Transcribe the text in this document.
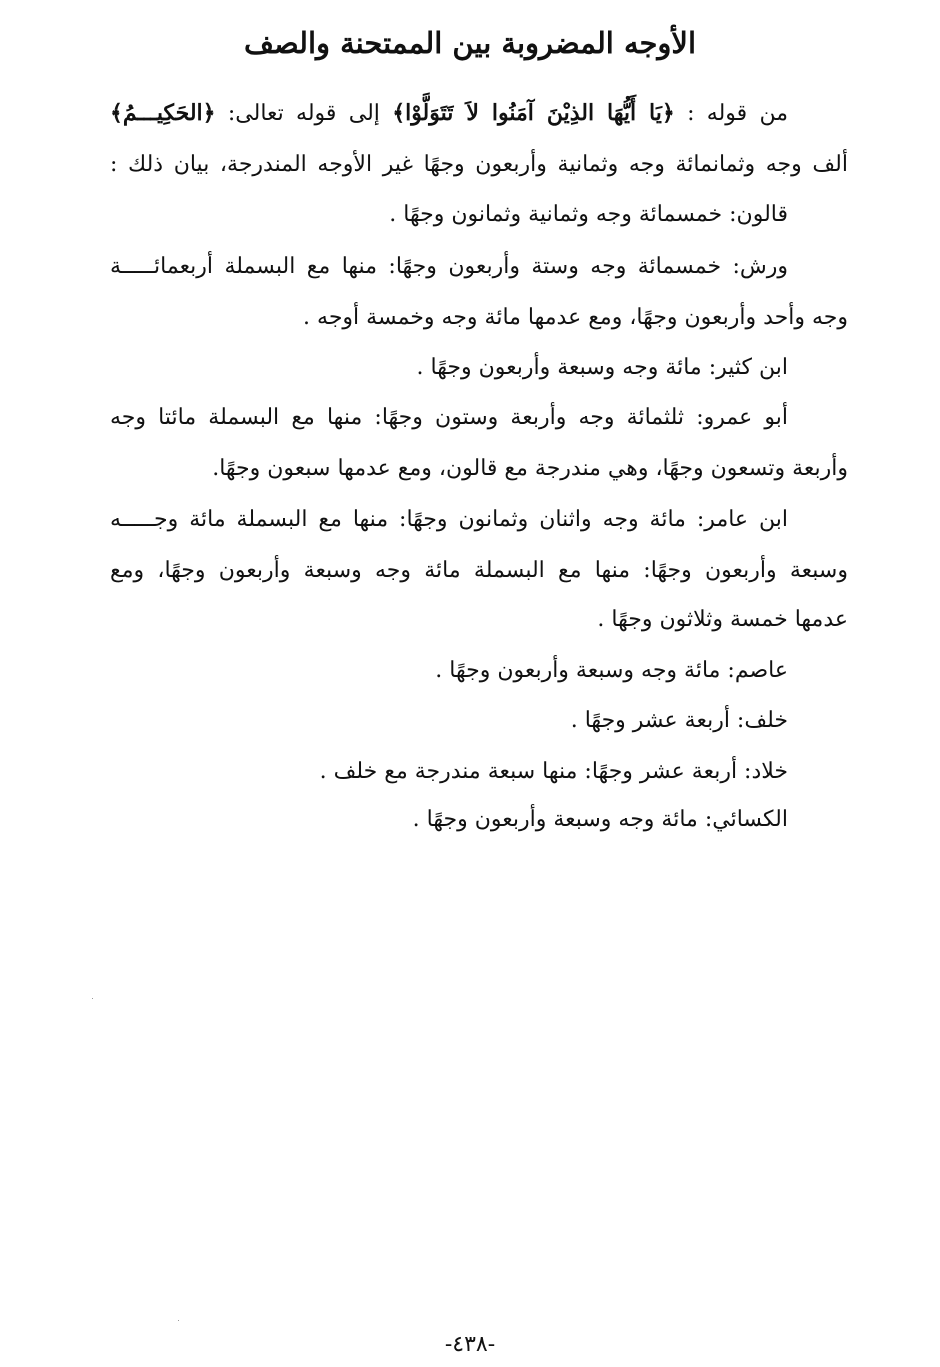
الأوجه المضروبة بين الممتحنة والصف
من قوله : ﴿يَا أَيُّهَا الذِيْنَ آمَنُوا لاَ تَتَوَلَّوْا﴾ إلى قوله تعالى: ﴿الحَكِيـــمُ﴾
ألف وجه وثمانمائة وجه وثمانية وأربعون وجهًا غير الأوجه المندرجة، بيان ذلك :
قالون: خمسمائة وجه وثمانية وثمانون وجهًا .
ورش: خمسمائة وجه وستة وأربعون وجهًا: منها مع البسملة أربعمائـــــة
وجه وأحد وأربعون وجهًا، ومع عدمها مائة وجه وخمسة أوجه .
ابن كثير: مائة وجه وسبعة وأربعون وجهًا .
أبو عمرو: ثلثمائة وجه وأربعة وستون وجهًا: منها مع البسملة مائتا وجه
وأربعة وتسعون وجهًا، وهي مندرجة مع قالون، ومع عدمها سبعون وجهًا.
ابن عامر: مائة وجه واثنان وثمانون وجهًا: منها مع البسملة مائة وجـــــه
وسبعة وأربعون وجهًا: منها مع البسملة مائة وجه وسبعة وأربعون وجهًا، ومع
عدمها خمسة وثلاثون وجهًا .
عاصم: مائة وجه وسبعة وأربعون وجهًا .
خلف: أربعة عشر وجهًا .
خلاد: أربعة عشر وجهًا: منها سبعة مندرجة مع خلف .
الكسائي: مائة وجه وسبعة وأربعون وجهًا .
-٤٣٨-
